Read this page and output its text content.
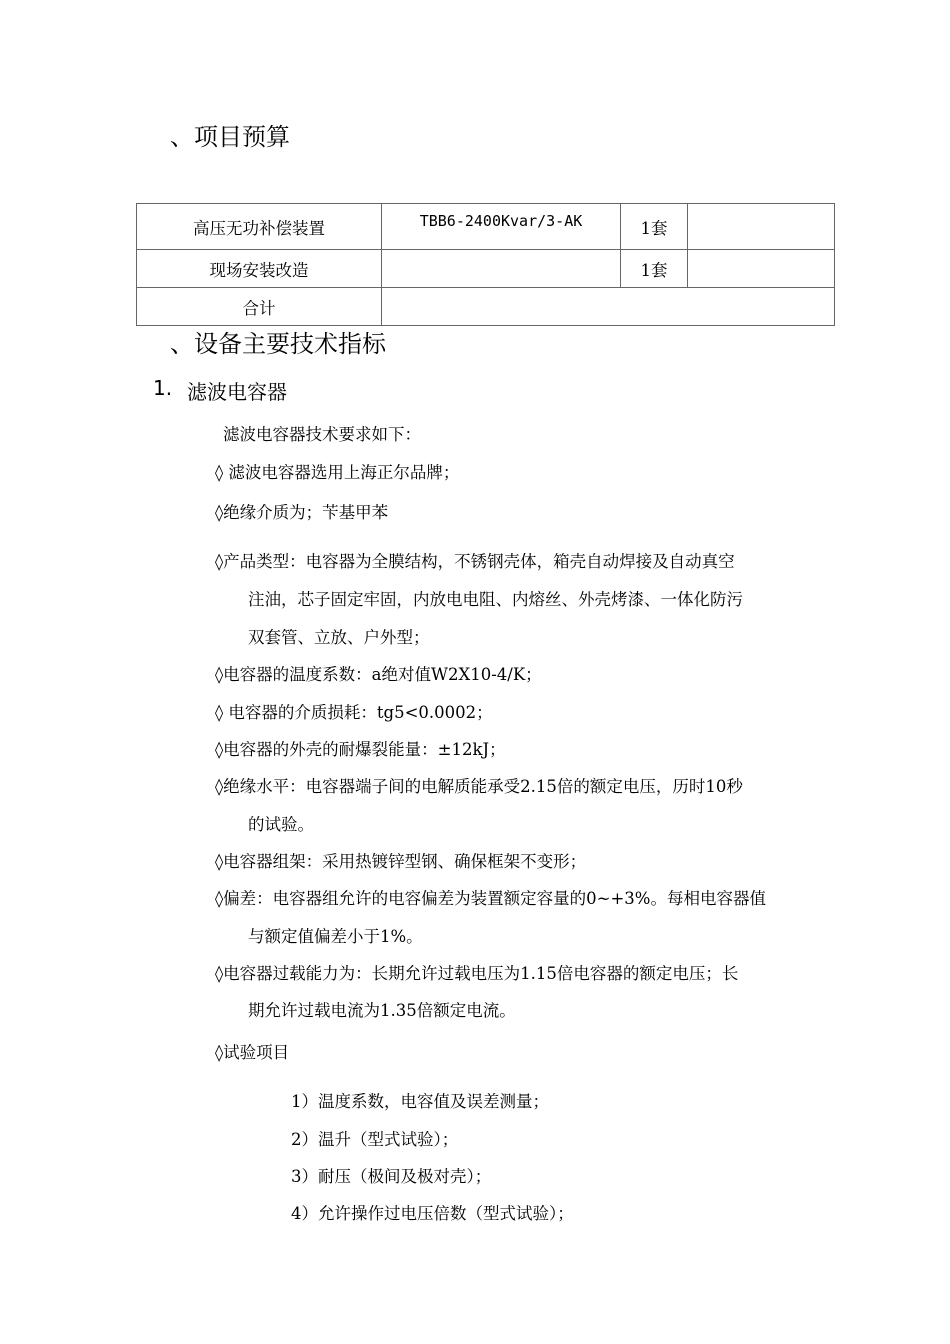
、项目预算
高压无功补偿装置	TBB6-2400Kvar/3-AK	1套	
现场安装改造		1套	
合计			
、设备主要技术指标
1. 滤波电容器
滤波电容器技术要求如下：
◊ 滤波电容器选用上海正尔品牌；
◊绝缘介质为；苄基甲苯
◊产品类型：电容器为全膜结构，不锈钢壳体，箱壳自动焊接及自动真空
注油，芯子固定牢固，内放电电阻、内熔丝、外壳烤漆、一体化防污
双套管、立放、户外型；
◊电容器的温度系数：a绝对值W2X10-4/K；
◊ 电容器的介质损耗：tg5<0.0002；
◊电容器的外壳的耐爆裂能量：±12kJ；
◊绝缘水平：电容器端子间的电解质能承受2.15倍的额定电压，历时10秒
的试验。
◊电容器组架：采用热镀锌型钢、确保框架不变形；
◊偏差：电容器组允许的电容偏差为装置额定容量的0~+3%。每相电容器值
与额定值偏差小于1%。
◊电容器过载能力为：长期允许过载电压为1.15倍电容器的额定电压；长
期允许过载电流为1.35倍额定电流。
◊试验项目
1）温度系数，电容值及误差测量；
2）温升（型式试验）；
3）耐压（极间及极对壳）；
4）允许操作过电压倍数（型式试验）；
